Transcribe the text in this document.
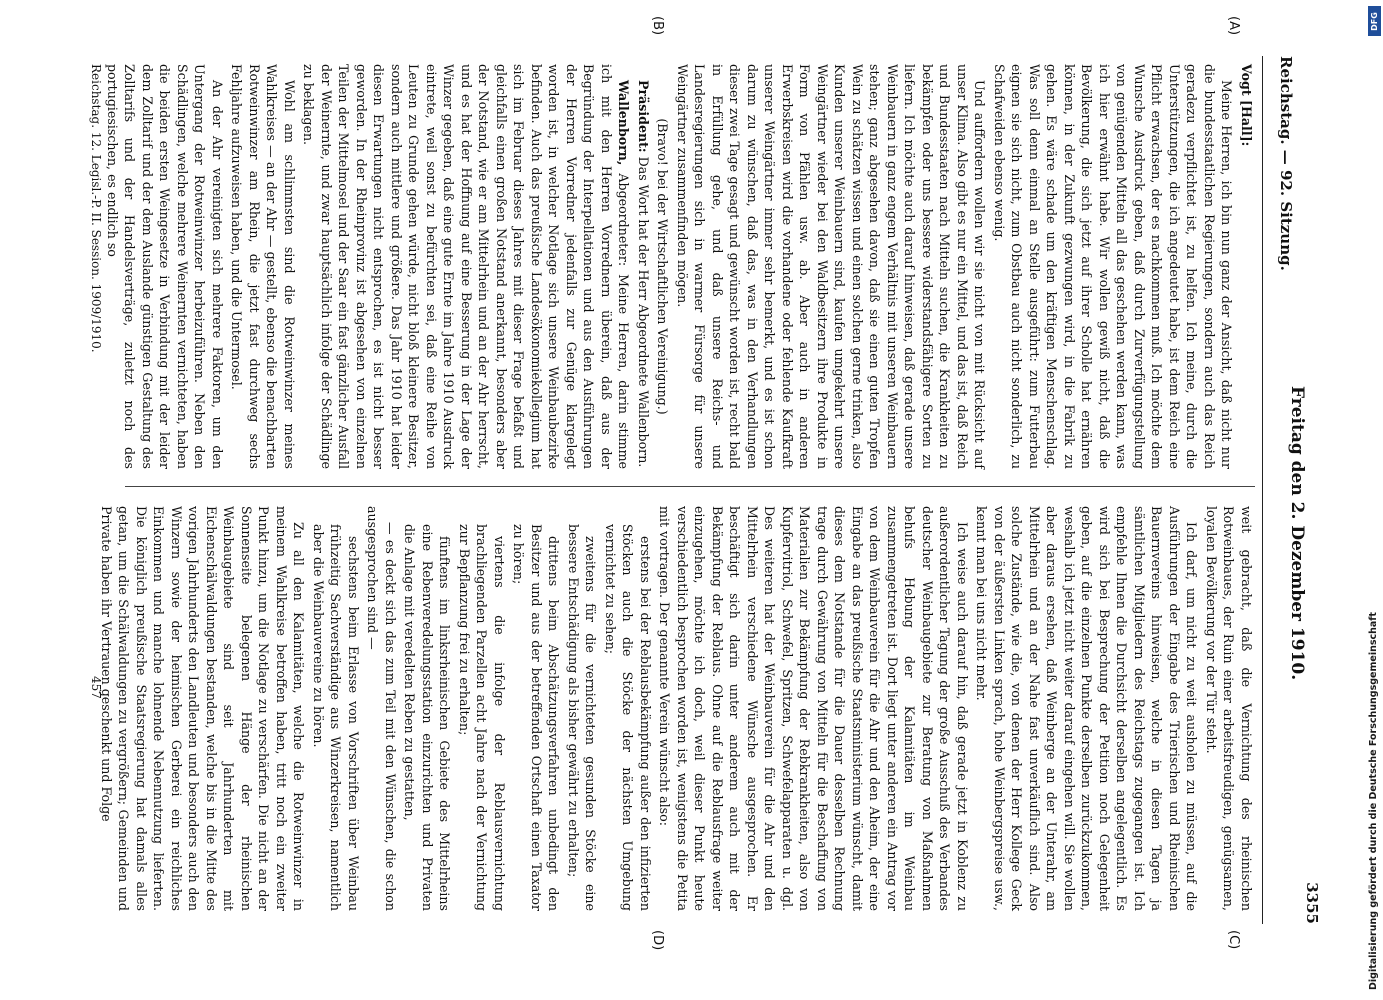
Reichstag. — 92. Sitzung.
Freitag den 2. Dezember 1910.
3355
(A)
(B)
(C)
(D)

Vogt [Hall]:

Meine Herren, ich bin nun ganz der Ansicht, daß nicht nur die bundesstaatlichen Regierungen, sondern auch das Reich geradezu verpflichtet ist, zu helfen. Ich meine, durch die Unterstützungen, die ich angedeutet habe, ist dem Reich eine Pflicht erwachsen, der es nachkommen muß. Ich möchte dem Wunsche Ausdruck geben, daß durch Zurverfügungstellung von genügenden Mitteln all das geschehen werden kann, was ich hier erwähnt habe. Wir wollen gewiß nicht, daß die Bevölkerung, die sich jetzt auf ihrer Scholle hat ernähren können, in der Zukunft gezwungen wird, in die Fabrik zu gehen. Es wäre schade um den kräftigen Menschenschlag. Was soll denn einmal an Stelle ausgeführt: zum Futterbau eignen sie sich nicht, zum Obstbau auch nicht sonderlich, zu Schafweiden ebenso wenig.

Und auffordern wollen wir sie nicht von mit Rücksicht auf unser Klima. Also gibt es nur ein Mittel, und das ist, daß Reich und Bundesstaaten nach Mitteln suchen, die Krankheiten zu bekämpfen oder uns bessere widerstandsfähigere Sorten zu liefern. Ich möchte auch darauf hinweisen, daß gerade unsere Weinbauern in ganz engem Verhältnis mit unseren Weinbauern stehen; ganz abgesehen davon, daß sie einen guten Tropfen Wein zu schätzen wissen und einen solchen gerne trinken, also Kunden unserer Weinbauern sind, kaufen umgekehrt unsere Weingärtner wieder bei den Waldbesitzern ihre Produkte in Form von Pfählen usw. ab. Aber auch in anderen Erwerbskreisen wird die vorhandene oder fehlende Kaufkraft unserer Weingärtner immer sehr bemerkt, und es ist schon darum zu wünschen, daß das, was in den Verhandlungen dieser zwei Tage gesagt und gewünscht worden ist, recht bald in Erfüllung gehe, und daß unsere Reichs- und Landesregierungen sich in warmer Fürsorge für unsere Weingärtner zusammenfinden mögen.

(Bravo! bei der Wirtschaftlichen Vereinigung.)

Präsident: Das Wort hat der Herr Abgeordnete Wallenborn.

Wallenborn, Abgeordneter: Meine Herren, darin stimme ich mit den Herren Vorrednern überein, daß aus der Begründung der Interpellationen und aus den Ausführungen der Herren Vorredner jedenfalls zur Genüge klargelegt worden ist, in welcher Notlage sich unsere Weinbaubezirke befinden. Auch das preußische Landesökonomiekollegium hat sich im Februar dieses Jahres mit dieser Frage befaßt und gleichfalls einen großen Notstand anerkannt, besonders aber der Notstand, wie er am Mittelrhein und an der Ahr herrscht, und es hat der Hoffnung auf eine Besserung in der Lage der Winzer gegeben, daß eine gute Ernte im Jahre 1910 Ausdruck eintrete, weil sonst zu befürchten sei, daß eine Reihe von Leuten zu Grunde gehen würde, nicht bloß kleinere Besitzer, sondern auch mittlere und größere. Das Jahr 1910 hat leider diesen Erwartungen nicht entsprochen, es ist nicht besser geworden. In der Rheinprovinz ist abgesehen von einzelnen Teilen der Mittelmosel und der Saar ein fast gänzlicher Ausfall der Weinernte, und zwar hauptsächlich infolge der Schädlinge zu beklagen.

Wohl am schlimmsten sind die Rotweinwinzer meines Wahlkreises — an der Ahr — gestellt, ebenso die benachbarten Rotweinwinzer am Rhein, die jetzt fast durchweg sechs Fehljahre aufzuweisen haben, und die Untermosel.

An der Ahr vereinigten sich mehrere Faktoren, um den Untergang der Rotweinwinzer herbeizuführen. Neben den Schädlingen, welche mehrere Weinernten vernichteten, haben die beiden ersten Weingesetze in Verbindung mit der leider dem Zolltarif und der dem Auslande günstigen Gestaltung des Zolltarifs und der Handelsverträge, zuletzt noch des portugiesischen, es endlich so

weit gebracht, daß die Vernichtung des rheinischen Rotweinbaues, der Ruin einer arbeitsfreudigen, genügsamen, loyalen Bevölkerung vor der Tür steht.

Ich darf, um nicht zu weit ausholen zu müssen, auf die Ausführungen der Eingabe des Trierischen und Rheinischen Bauernvereins hinweisen, welche in diesen Tagen ja sämtlichen Mitgliedern des Reichstags zugegangen ist. Ich empfehle Ihnen die Durchsicht derselben angelegentlich. Es wird sich bei Besprechung der Petition noch Gelegenheit geben, auf die einzelnen Punkte derselben zurückzukommen, weshalb ich jetzt nicht weiter darauf eingehen will. Sie wollen aber daraus ersehen, daß Weinberge an der Unterahr, am Mittelrhein und an der Nahe fast unverkäuflich sind. Also solche Zustände, wie die, von denen der Herr Kollege Geck von der äußersten Linken sprach, hohe Weinbergspreise usw., kennt man bei uns nicht mehr.

Ich weise auch darauf hin, daß gerade jetzt in Koblenz zu außerordentlicher Tagung der große Ausschuß des Verbandes deutscher Weinbaugebiete zur Beratung von Maßnahmen behufs Hebung der Kalamitäten im Weinbau zusammengetreten ist. Dort liegt unter anderen ein Antrag vor von dem Weinbauverein für die Ahr und den Aheim, der eine Eingabe an das preußische Staatsministerium wünscht, damit dieses dem Notstande für die Dauer desselben Rechnung trage durch Gewährung von Mitteln für die Beschaffung von Materialien zur Bekämpfung der Rebkrankheiten, also von Kupfervitriol, Schwefel, Spritzen, Schwefelapparaten u. dgl. Des weiteren hat der Weinbauverein für die Ahr und den Mittelrhein verschiedene Wünsche ausgesprochen. Er beschäftigt sich darin unter anderem auch mit der Bekämpfung der Reblaus. Ohne auf die Reblausfrage weiter einzugehen, möchte ich doch, weil dieser Punkt heute verschiedentlich besprochen worden ist, wenigstens die Petita mit vortragen. Der genannte Verein wünscht also:

erstens bei der Reblausbekämpfung außer den infizierten Stöcken auch die Stöcke der nächsten Umgebung vernichtet zu sehen;
zweitens für die vernichteten gesunden Stöcke eine bessere Entschädigung als bisher gewährt zu erhalten;
drittens beim Abschätzungsverfahren unbedingt den Besitzer und aus der betreffenden Ortschaft einen Taxator zu hören;
viertens die infolge der Reblausvernichtung brachliegenden Parzellen acht Jahre nach der Vernichtung zur Bepflanzung frei zu erhalten;
fünftens im linksrheinischen Gebiete des Mittelrheins eine Rebenveredelungsstation einzurichten und Privaten die Anlage mit veredelten Reben zu gestatten,

— es deckt sich das zum Teil mit den Wünschen, die schon ausgesprochen sind —

sechstens beim Erlasse von Vorschriften über Weinbau frühzeitig Sachverständige aus Winzerkreisen, namentlich aber die Weinbauvereine zu hören.

Zu all den Kalamitäten, welche die Rotweinwinzer in meinem Wahlkreise betroffen haben, tritt noch ein zweiter Punkt hinzu, um die Notlage zu verschärfen. Die nicht an der Sonnenseite belegenen Hänge der rheinischen Weinbaugebiete sind seit Jahrhunderten mit Eichenschälwaldungen bestanden, welche bis in die Mitte des vorigen Jahrhunderts den Landleuten und besonders auch den Winzern sowie der heimischen Gerberei ein reichliches Einkommen und manche lohnende Nebennutzung lieferten. Die königlich preußische Staatsregierung hat damals alles getan, um die Schälwaldungen zu vergrößern; Gemeinden und Private haben ihr Vertrauen geschenkt und Folge

Reichstag. 12. Legisl.-P. II. Session. 1909/1910.
457	Digitalisierung gefördert durch die Deutsche Forschungsgemeinschaft
DFG
